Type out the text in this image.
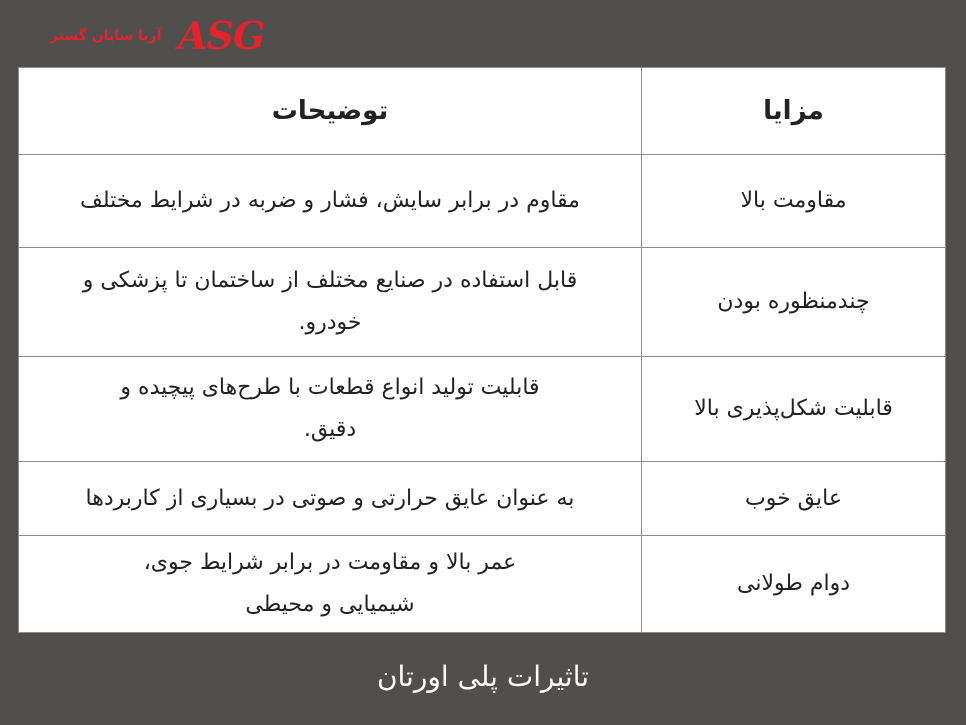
آریا سایان گستر ASG
مزایا	توضیحات
مقاومت بالا	مقاوم در برابر سایش، فشار و ضربه در شرایط مختلف
چندمنظوره بودن	قابل استفاده در صنایع مختلف از ساختمان تا پزشکی و خودرو.
قابلیت شکل‌پذیری بالا	قابلیت تولید انواع قطعات با طرح‌های پیچیده و دقیق.
عایق خوب	به عنوان عایق حرارتی و صوتی در بسیاری از کاربردها
دوام طولانی	عمر بالا و مقاومت در برابر شرایط جوی، شیمیایی و محیطی
تاثیرات پلی اورتان
